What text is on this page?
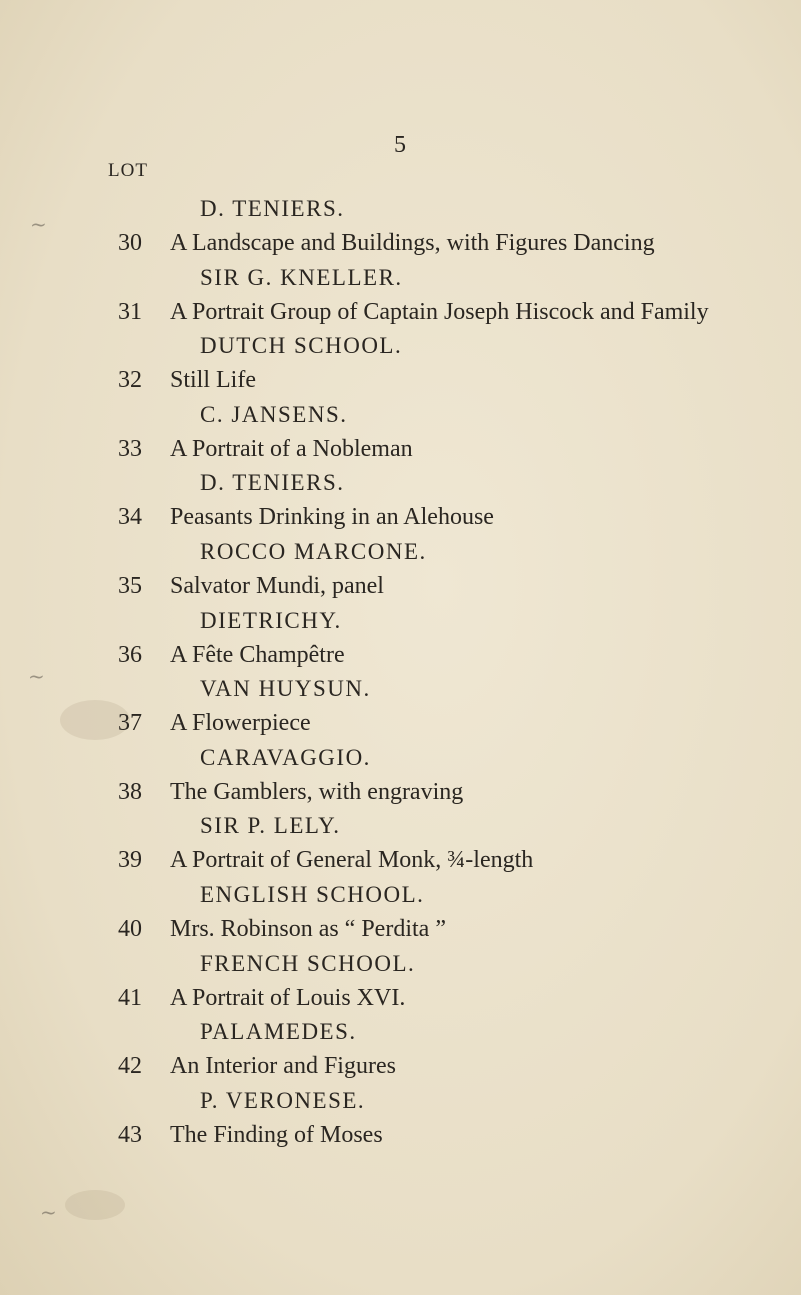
5
LOT
~
~
~
D. TENIERS.
30	A Landscape and Buildings, with Figures Dancing
SIR G. KNELLER.
31	A Portrait Group of Captain Joseph Hiscock and Family
DUTCH SCHOOL.
32	Still Life
C. JANSENS.
33	A Portrait of a Nobleman
D. TENIERS.
34	Peasants Drinking in an Alehouse
ROCCO MARCONE.
35	Salvator Mundi, panel
DIETRICHY.
36	A Fête Champêtre
VAN HUYSUN.
37	A Flowerpiece
CARAVAGGIO.
38	The Gamblers, with engraving
SIR P. LELY.
39	A Portrait of General Monk, ¾-length
ENGLISH SCHOOL.
40	Mrs. Robinson as “ Perdita ”
FRENCH SCHOOL.
41	A Portrait of Louis XVI.
PALAMEDES.
42	An Interior and Figures
P. VERONESE.
43	The Finding of Moses
